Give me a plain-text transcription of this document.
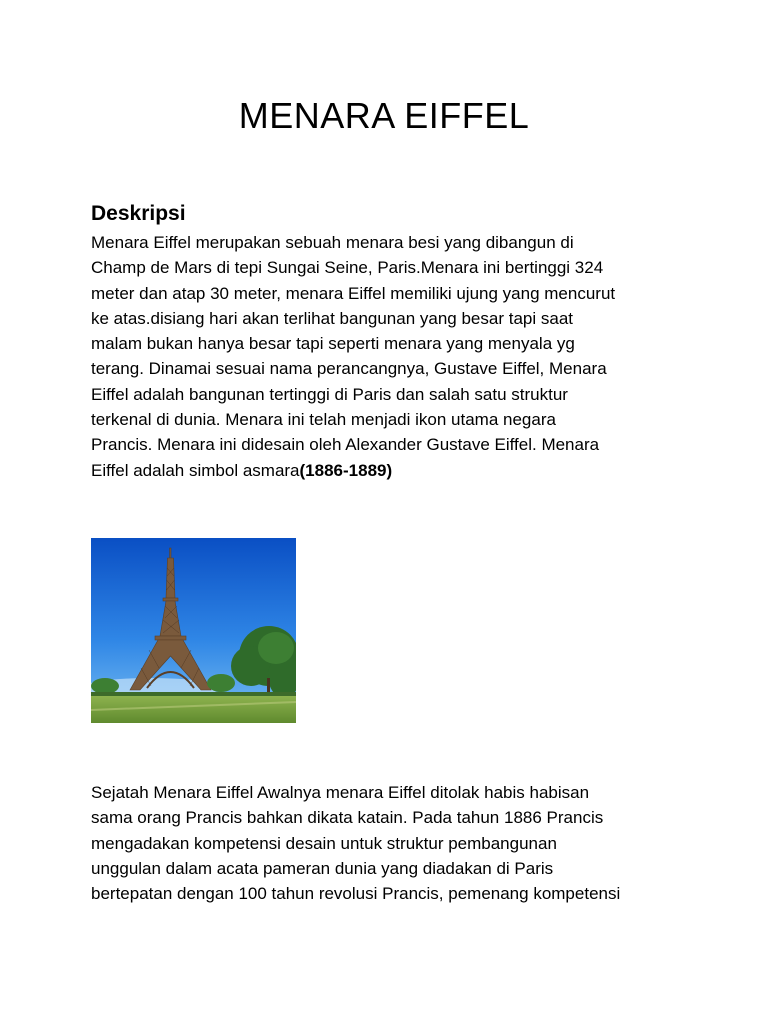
MENARA EIFFEL
Deskripsi
Menara Eiffel merupakan sebuah menara besi yang dibangun di
Champ de Mars di tepi Sungai Seine, Paris.Menara ini bertinggi 324
meter dan atap 30 meter, menara Eiffel memiliki ujung yang mencurut
ke atas.disiang hari akan terlihat bangunan yang besar tapi saat
malam bukan hanya besar tapi seperti menara yang menyala yg
terang. Dinamai sesuai nama perancangnya, Gustave Eiffel, Menara
Eiffel adalah bangunan tertinggi di Paris dan salah satu struktur
terkenal di dunia. Menara ini telah menjadi ikon utama negara
Prancis. Menara ini didesain oleh Alexander Gustave Eiffel. Menara
Eiffel adalah simbol asmara(1886-1889)
Sejatah Menara Eiffel Awalnya menara Eiffel ditolak habis habisan
sama orang Prancis bahkan dikata katain. Pada tahun 1886 Prancis
mengadakan kompetensi desain untuk struktur pembangunan
unggulan dalam acata pameran dunia yang diadakan di Paris
bertepatan dengan 100 tahun revolusi Prancis, pemenang kompetensi
